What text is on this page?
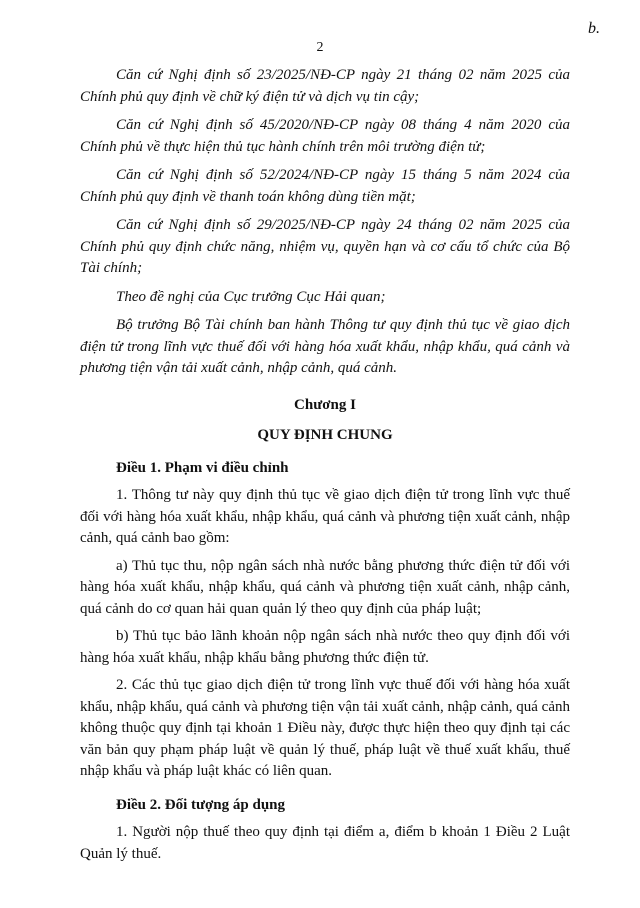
2
b.

Căn cứ Nghị định số 23/2025/NĐ-CP ngày 21 tháng 02 năm 2025 của Chính phủ quy định về chữ ký điện tử và dịch vụ tin cậy;

Căn cứ Nghị định số 45/2020/NĐ-CP ngày 08 tháng 4 năm 2020 của Chính phủ về thực hiện thủ tục hành chính trên môi trường điện tử;

Căn cứ Nghị định số 52/2024/NĐ-CP ngày 15 tháng 5 năm 2024 của Chính phủ quy định về thanh toán không dùng tiền mặt;

Căn cứ Nghị định số 29/2025/NĐ-CP ngày 24 tháng 02 năm 2025 của Chính phủ quy định chức năng, nhiệm vụ, quyền hạn và cơ cấu tổ chức của Bộ Tài chính;

Theo đề nghị của Cục trưởng Cục Hải quan;

Bộ trưởng Bộ Tài chính ban hành Thông tư quy định thủ tục về giao dịch điện tử trong lĩnh vực thuế đối với hàng hóa xuất khẩu, nhập khẩu, quá cảnh và phương tiện vận tải xuất cảnh, nhập cảnh, quá cảnh.

Chương I
QUY ĐỊNH CHUNG

Điều 1. Phạm vi điều chỉnh

1. Thông tư này quy định thủ tục về giao dịch điện tử trong lĩnh vực thuế đối với hàng hóa xuất khẩu, nhập khẩu, quá cảnh và phương tiện xuất cảnh, nhập cảnh, quá cảnh bao gồm:

a) Thủ tục thu, nộp ngân sách nhà nước bằng phương thức điện tử đối với hàng hóa xuất khẩu, nhập khẩu, quá cảnh và phương tiện xuất cảnh, nhập cảnh, quá cảnh do cơ quan hải quan quản lý theo quy định của pháp luật;

b) Thủ tục bảo lãnh khoản nộp ngân sách nhà nước theo quy định đối với hàng hóa xuất khẩu, nhập khẩu bằng phương thức điện tử.

2. Các thủ tục giao dịch điện tử trong lĩnh vực thuế đối với hàng hóa xuất khẩu, nhập khẩu, quá cảnh và phương tiện vận tải xuất cảnh, nhập cảnh, quá cảnh không thuộc quy định tại khoản 1 Điều này, được thực hiện theo quy định tại các văn bản quy phạm pháp luật về quản lý thuế, pháp luật về thuế xuất khẩu, thuế nhập khẩu và pháp luật khác có liên quan.

Điều 2. Đối tượng áp dụng

1. Người nộp thuế theo quy định tại điểm a, điểm b khoản 1 Điều 2 Luật Quản lý thuế.
